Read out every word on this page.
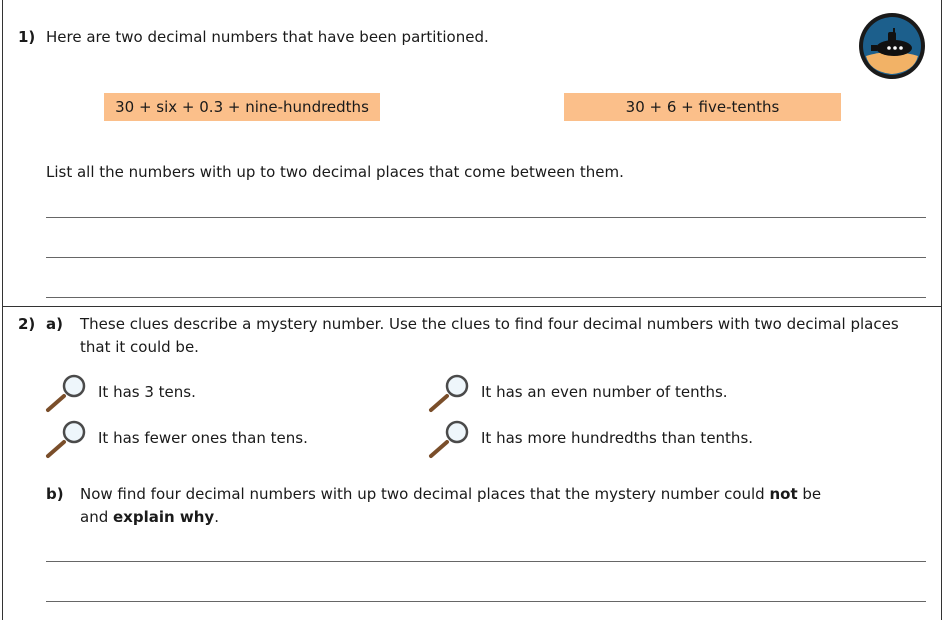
1) Here are two decimal numbers that have been partitioned.
30 + six + 0.3 + nine-hundredths	30 + 6 + five-tenths
List all the numbers with up to two decimal places that come between them.
2) a) These clues describe a mystery number. Use the clues to find four decimal numbers with two decimal places
that it could be.
It has 3 tens.	It has an even number of tenths.
It has fewer ones than tens.	It has more hundredths than tenths.
b) Now find four decimal numbers with up two decimal places that the mystery number could not be
and explain why.
